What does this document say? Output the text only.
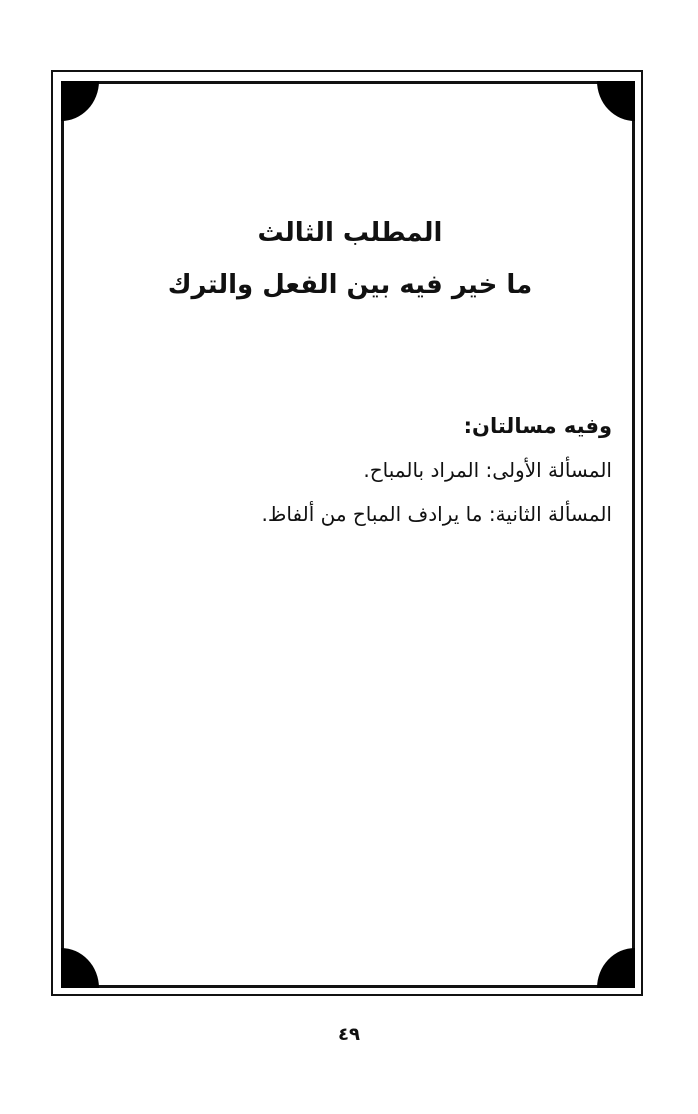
المطلب الثالث
ما خير فيه بين الفعل والترك
وفيه مسالتان:
المسألة الأولى: المراد بالمباح.
المسألة الثانية: ما يرادف المباح من ألفاظ.
٤٩
